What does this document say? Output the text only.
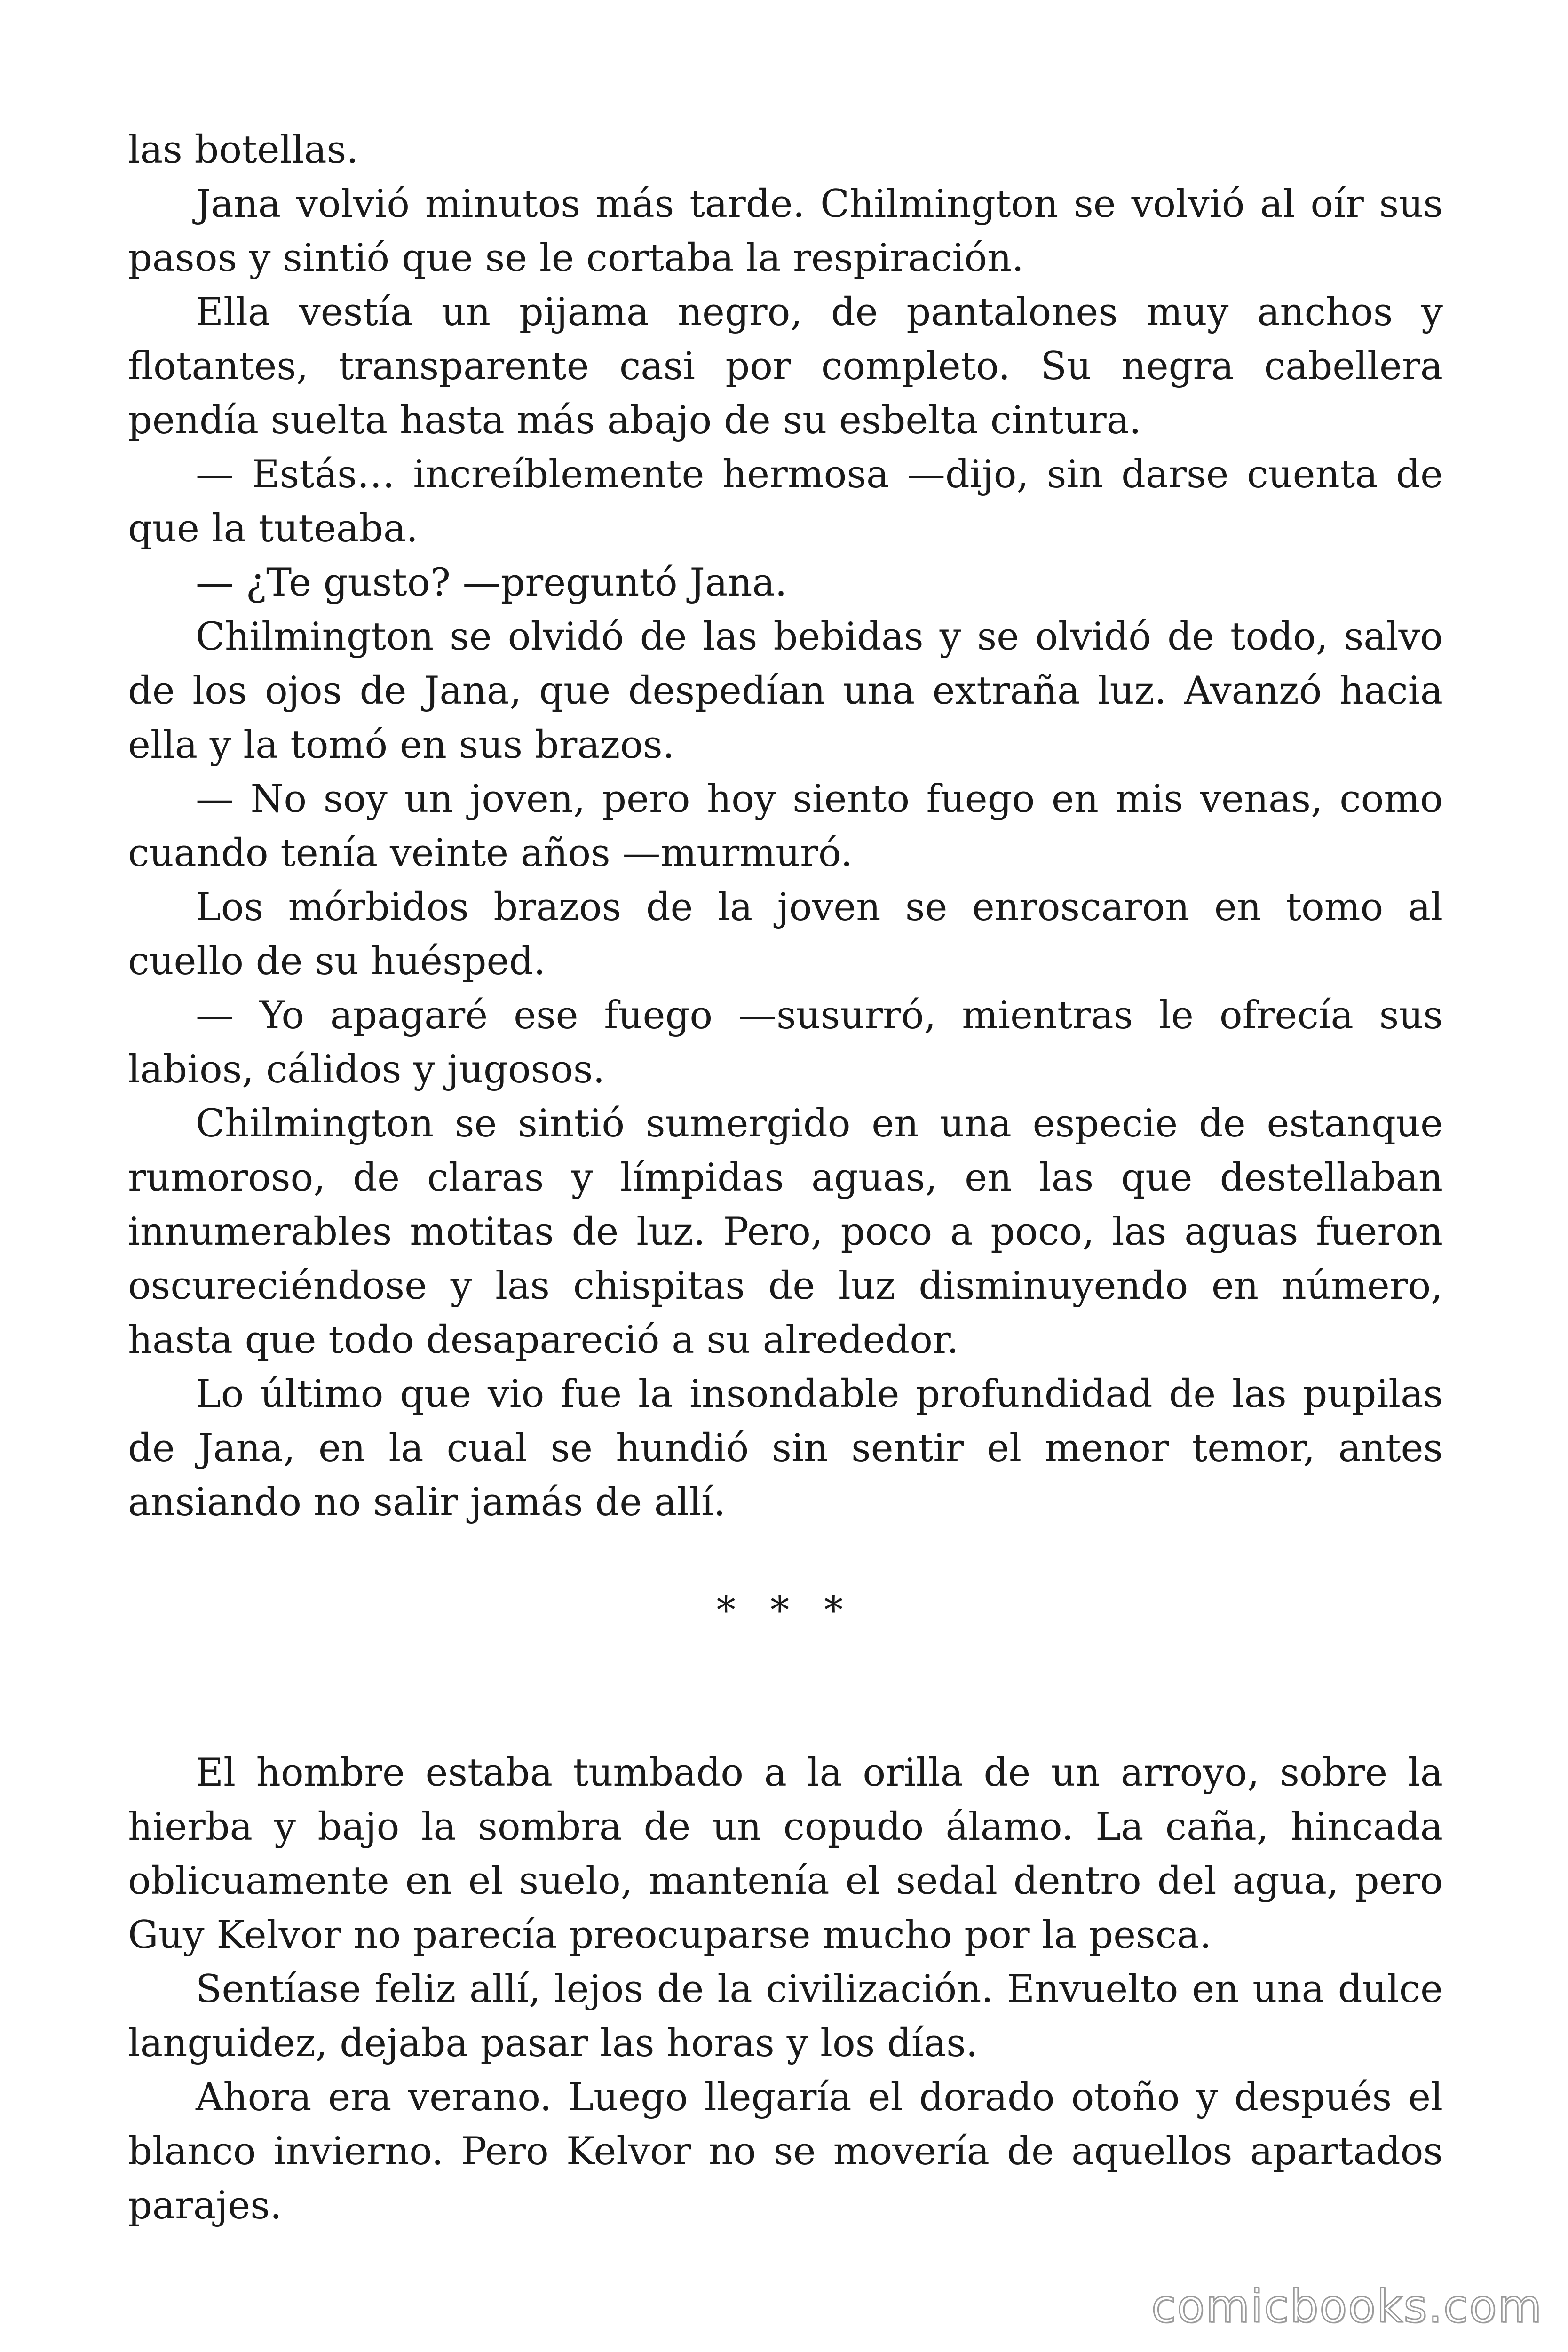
las botellas.

Jana volvió minutos más tarde. Chilmington se volvió al oír sus pasos y sintió que se le cortaba la respiración.

Ella vestía un pijama negro, de pantalones muy anchos y flotantes, transparente casi por completo. Su negra cabellera pendía suelta hasta más abajo de su esbelta cintura.

— Estás… increíblemente hermosa —dijo, sin darse cuenta de que la tuteaba.

— ¿Te gusto? —preguntó Jana.

Chilmington se olvidó de las bebidas y se olvidó de todo, salvo de los ojos de Jana, que despedían una extraña luz. Avanzó hacia ella y la tomó en sus brazos.

— No soy un joven, pero hoy siento fuego en mis venas, como cuando tenía veinte años —murmuró.

Los mórbidos brazos de la joven se enroscaron en tomo al cuello de su huésped.

— Yo apagaré ese fuego —susurró, mientras le ofrecía sus labios, cálidos y jugosos.

Chilmington se sintió sumergido en una especie de estanque rumoroso, de claras y límpidas aguas, en las que destellaban innumerables motitas de luz. Pero, poco a poco, las aguas fueron oscureciéndose y las chispitas de luz disminuyendo en número, hasta que todo desapareció a su alrededor.

Lo último que vio fue la insondable profundidad de las pupilas de Jana, en la cual se hundió sin sentir el menor temor, antes ansiando no salir jamás de allí.

* * *

El hombre estaba tumbado a la orilla de un arroyo, sobre la hierba y bajo la sombra de un copudo álamo. La caña, hincada oblicuamente en el suelo, mantenía el sedal dentro del agua, pero Guy Kelvor no parecía preocuparse mucho por la pesca.

Sentíase feliz allí, lejos de la civilización. Envuelto en una dulce languidez, dejaba pasar las horas y los días.

Ahora era verano. Luego llegaría el dorado otoño y después el blanco invierno. Pero Kelvor no se movería de aquellos apartados parajes.

comicbooks.com
